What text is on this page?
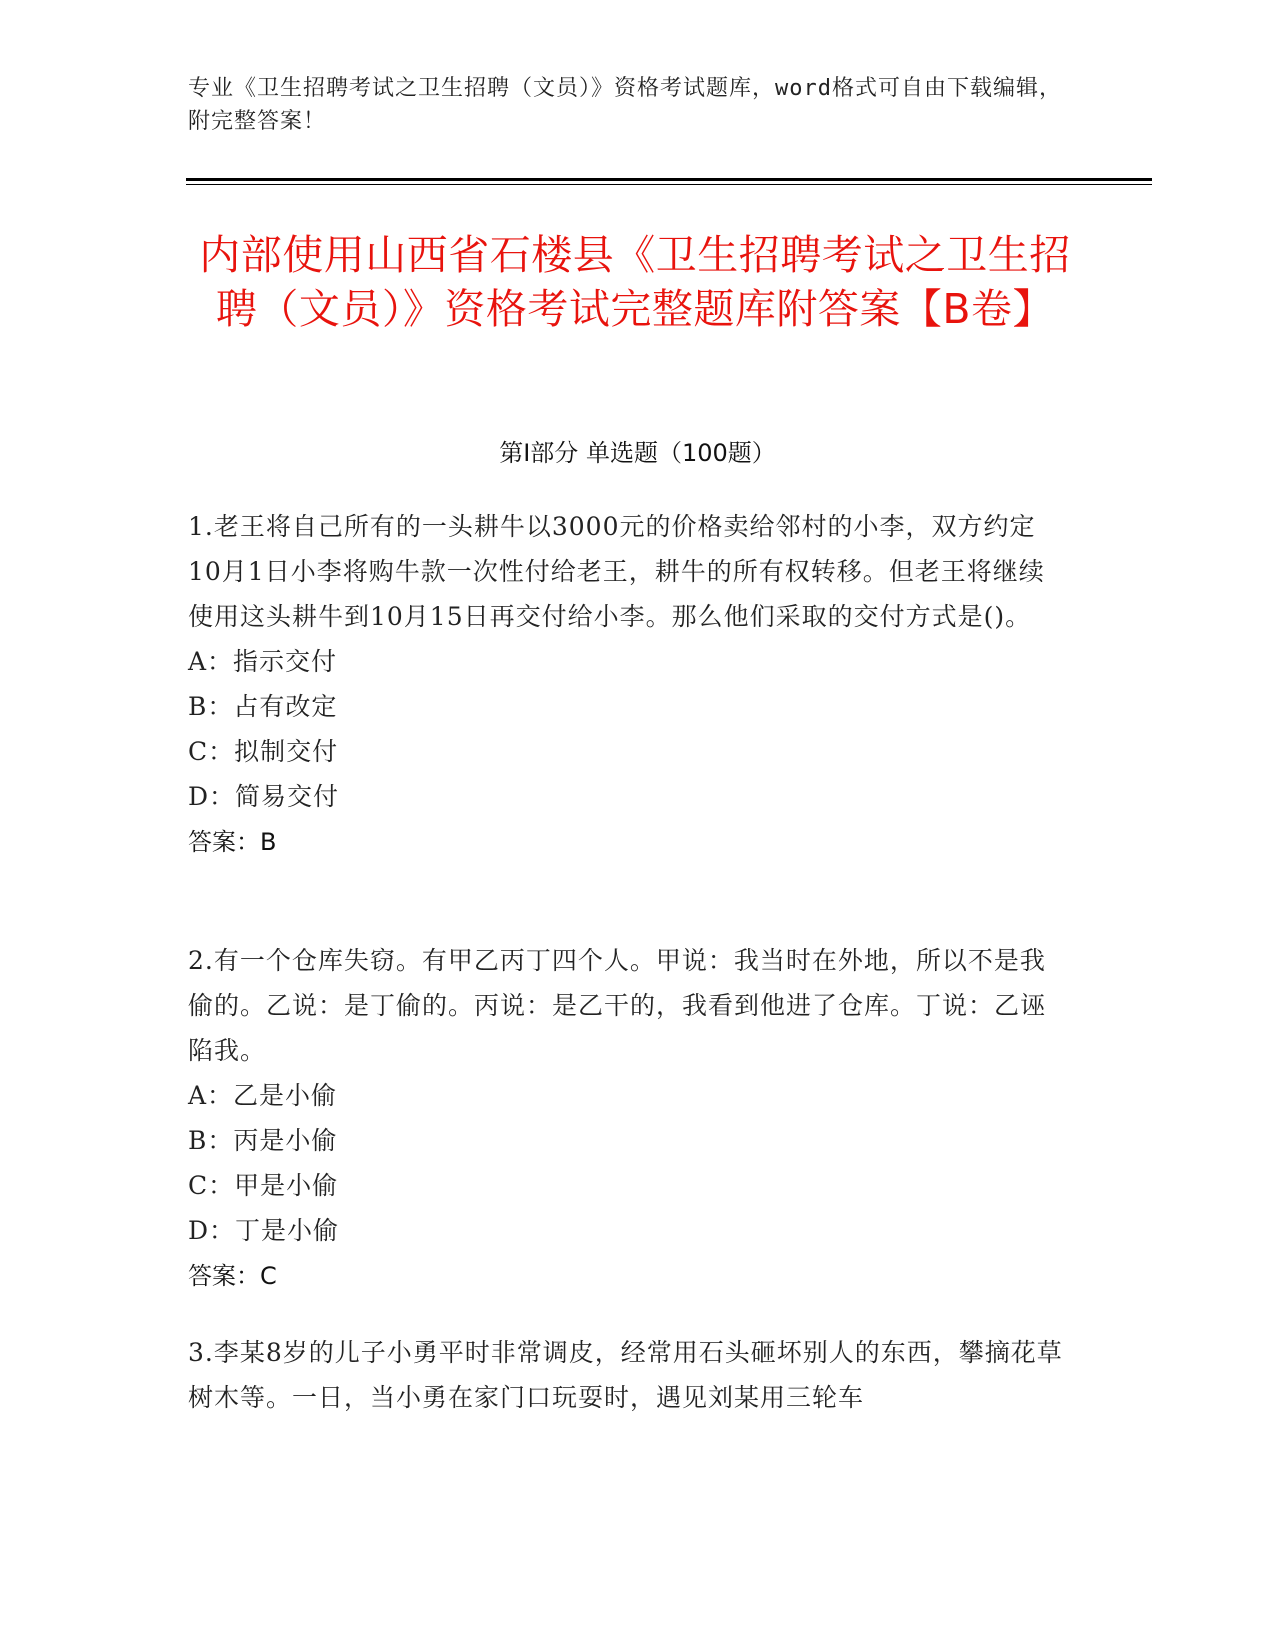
专业《卫生招聘考试之卫生招聘（文员）》资格考试题库，word格式可自由下载编辑，附完整答案！
内部使用山西省石楼县《卫生招聘考试之卫生招聘（文员）》资格考试完整题库附答案【B卷】
第Ⅰ部分 单选题（100题）

1.老王将自己所有的一头耕牛以3000元的价格卖给邻村的小李，双方约定10月1日小李将购牛款一次性付给老王，耕牛的所有权转移。但老王将继续使用这头耕牛到10月15日再交付给小李。那么他们采取的交付方式是()。

A：指示交付

B：占有改定

C：拟制交付

D：简易交付

答案：B

2.有一个仓库失窃。有甲乙丙丁四个人。甲说：我当时在外地，所以不是我偷的。乙说：是丁偷的。丙说：是乙干的，我看到他进了仓库。丁说：乙诬陷我。

A：乙是小偷

B：丙是小偷

C：甲是小偷

D：丁是小偷

答案：C

3.李某8岁的儿子小勇平时非常调皮，经常用石头砸坏别人的东西，攀摘花草树木等。一日，当小勇在家门口玩耍时，遇见刘某用三轮车
